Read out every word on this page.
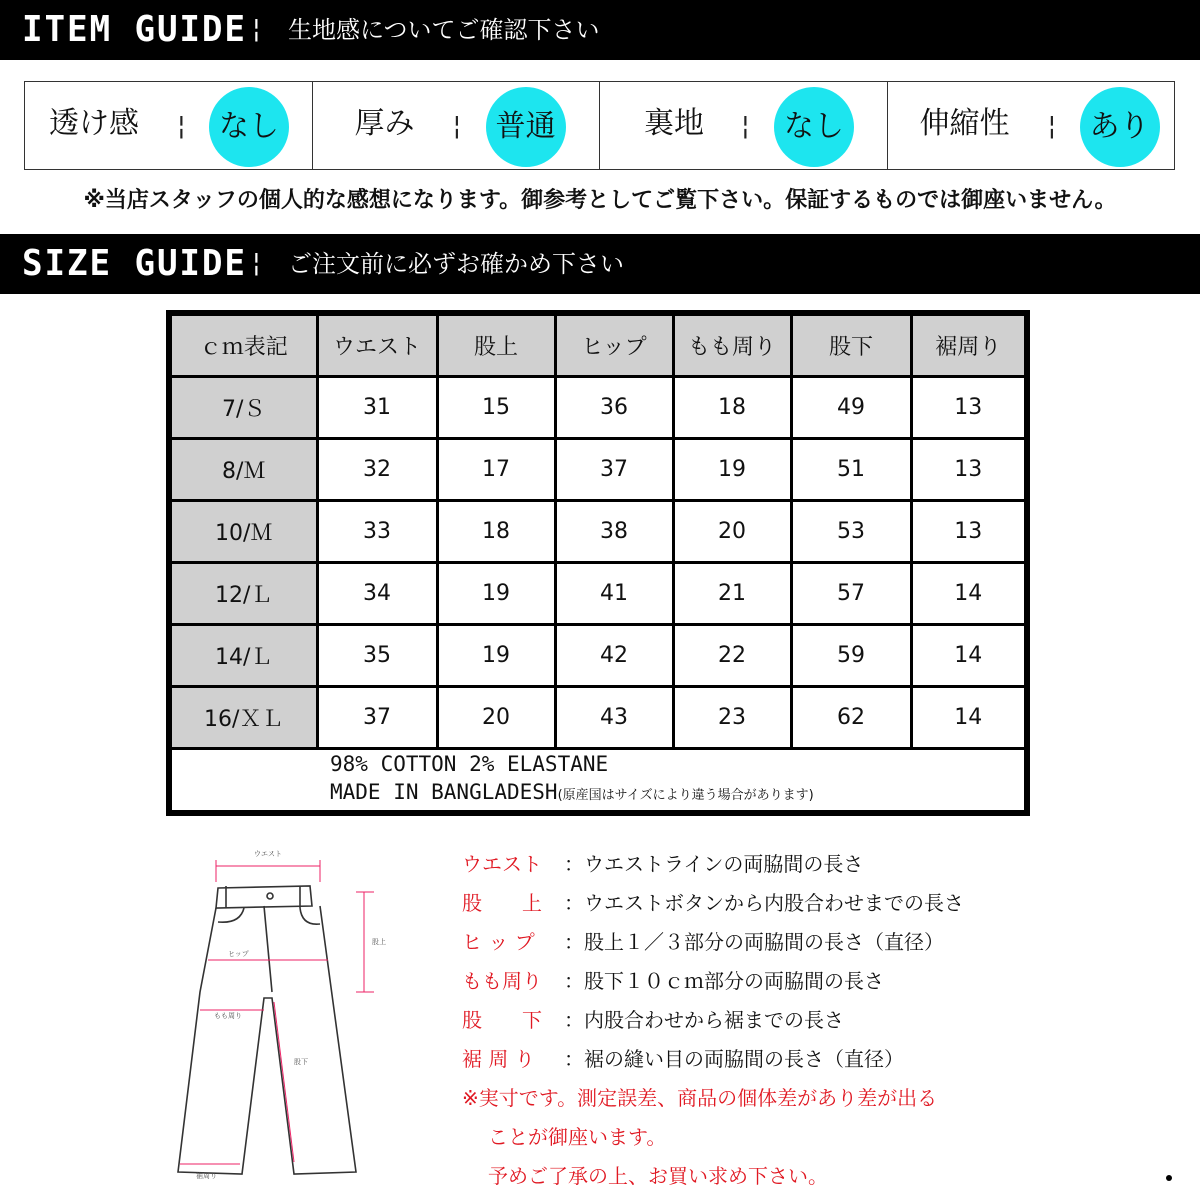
ITEM GUIDE ¦ 生地感についてご確認下さい
透け感 ¦	なし	厚み ¦	普通	裏地 ¦	なし	伸縮性 ¦	あり
※当店スタッフの個人的な感想になります。御参考としてご覧下さい。保証するものでは御座いません。
SIZE GUIDE ¦ ご注文前に必ずお確かめ下さい
ｃｍ表記	ウエスト	股上	ヒップ	もも周り	股下	裾周り
7/Ｓ	31	15	36	18	49	13
8/Ｍ	32	17	37	19	51	13
10/Ｍ	33	18	38	20	53	13
12/Ｌ	34	19	41	21	57	14
14/Ｌ	35	19	42	22	59	14
16/ＸＬ	37	20	43	23	62	14

98% COTTON 2% ELASTANE
MADE IN BANGLADESH(原産国はサイズにより違う場合があります)						
ウエスト
股上
ヒップ
もも周り
股下
裾周り
ウエスト ：ウエストラインの両脇間の長さ
股　　上 ：ウエストボタンから内股合わせまでの長さ
ヒ ッ プ ：股上１／３部分の両脇間の長さ（直径）
もも周り ：股下１０ｃｍ部分の両脇間の長さ
股　　下 ：内股合わせから裾までの長さ
裾 周 り ：裾の縫い目の両脇間の長さ（直径）
※実寸です。測定誤差、商品の個体差があり差が出る
ことが御座います。
予めご了承の上、お買い求め下さい。
